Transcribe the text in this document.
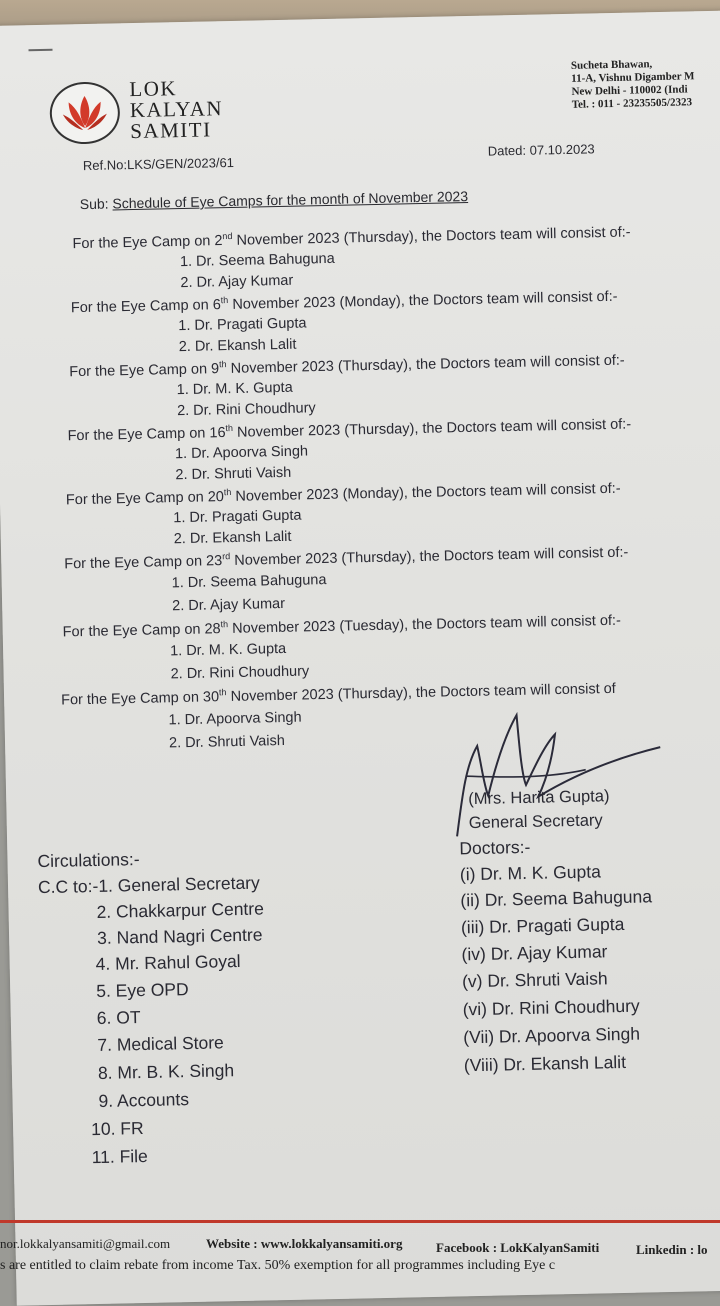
LOK
KALYAN
SAMITI
Sucheta Bhawan,
11-A, Vishnu Digamber M
New Delhi - 110002 (Indi
Tel. : 011 - 23235505/2323
Ref.No:LKS/GEN/2023/61
Dated: 07.10.2023
Sub: Schedule of Eye Camps for the month of November 2023
For the Eye Camp on 2nd November 2023 (Thursday), the Doctors team will consist of:-
1. Dr. Seema Bahuguna
2. Dr. Ajay Kumar
For the Eye Camp on 6th November 2023 (Monday), the Doctors team will consist of:-
1. Dr. Pragati Gupta
2. Dr. Ekansh Lalit
For the Eye Camp on 9th November 2023 (Thursday), the Doctors team will consist of:-
1. Dr. M. K. Gupta
2. Dr. Rini Choudhury
For the Eye Camp on 16th November 2023 (Thursday), the Doctors team will consist of:-
1. Dr. Apoorva Singh
2. Dr. Shruti Vaish
For the Eye Camp on 20th November 2023 (Monday), the Doctors team will consist of:-
1. Dr. Pragati Gupta
2. Dr. Ekansh Lalit
For the Eye Camp on 23rd November 2023 (Thursday), the Doctors team will consist of:-
1. Dr. Seema Bahuguna
2. Dr. Ajay Kumar
For the Eye Camp on 28th November 2023 (Tuesday), the Doctors team will consist of:-
1. Dr. M. K. Gupta
2. Dr. Rini Choudhury
For the Eye Camp on 30th November 2023 (Thursday), the Doctors team will consist of
1. Dr. Apoorva Singh
2. Dr. Shruti Vaish
(Mrs. Harita Gupta)
General Secretary
Circulations:-
C.C to:-1. General Secretary
2. Chakkarpur Centre
3. Nand Nagri Centre
4. Mr. Rahul Goyal
5. Eye OPD
6. OT
7. Medical Store
8. Mr. B. K. Singh
9. Accounts
10. FR
11. File
Doctors:-
(i) Dr. M. K. Gupta
(ii) Dr. Seema Bahuguna
(iii) Dr. Pragati Gupta
(iv) Dr. Ajay Kumar
(v) Dr. Shruti Vaish
(vi) Dr. Rini Choudhury
(Vii) Dr. Apoorva Singh
(Viii) Dr. Ekansh Lalit
nor.lokkalyansamiti@gmail.com	Website : www.lokkalyansamiti.org	Facebook : LokKalyanSamiti	Linkedin : lo
s are entitled to claim rebate from income Tax. 50% exemption for all programmes including Eye c
